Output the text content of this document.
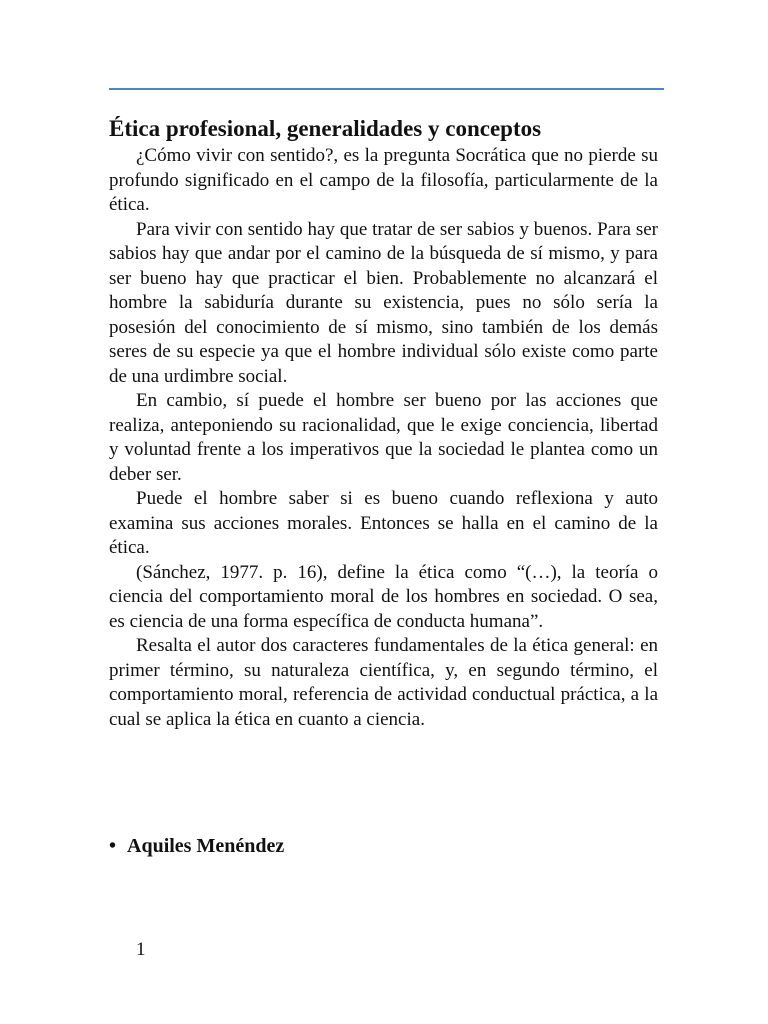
Ética profesional, generalidades y conceptos

¿Cómo vivir con sentido?, es la pregunta Socrática que no pierde su profundo significado en el campo de la filosofía, particularmente de la ética.

Para vivir con sentido hay que tratar de ser sabios y buenos. Para ser sabios hay que andar por el camino de la búsqueda de sí mismo, y para ser bueno hay que practicar el bien. Probablemente no alcanzará el hombre la sabiduría durante su existencia, pues no sólo sería la posesión del conocimiento de sí mismo, sino también de los demás seres de su especie ya que el hombre individual sólo existe como parte de una urdimbre social.

En cambio, sí puede el hombre ser bueno por las acciones que realiza, anteponiendo su racionalidad, que le exige conciencia, libertad y voluntad frente a los imperativos que la sociedad le plantea como un deber ser.

Puede el hombre saber si es bueno cuando reflexiona y auto examina sus acciones morales. Entonces se halla en el camino de la ética.

(Sánchez, 1977. p. 16), define la ética como “(…), la teoría o ciencia del comportamiento moral de los hombres en sociedad. O sea, es ciencia de una forma específica de conducta humana”.

Resalta el autor dos caracteres fundamentales de la ética general: en primer término, su naturaleza científica, y, en segundo término, el comportamiento moral, referencia de actividad conductual práctica, a la cual se aplica la ética en cuanto a ciencia.

• Aquiles Menéndez
1
